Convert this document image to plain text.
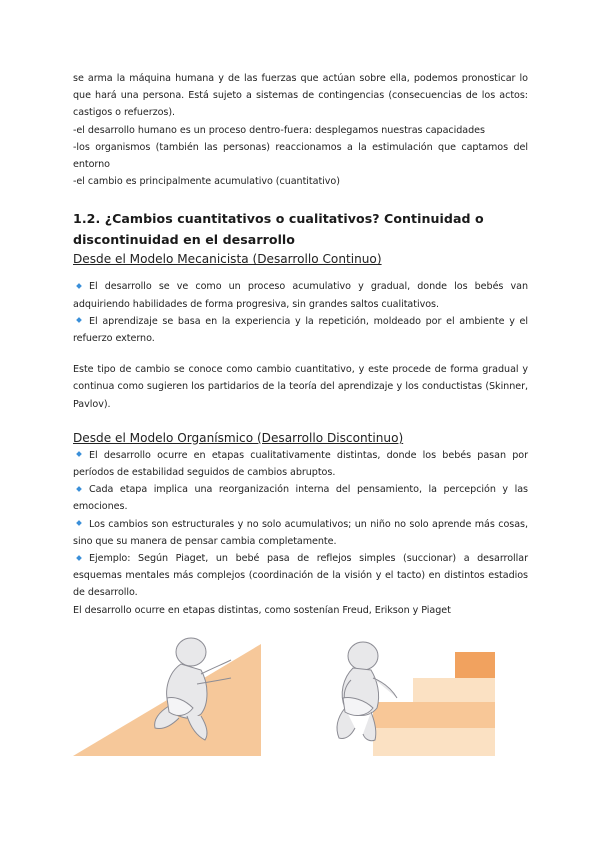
se arma la máquina humana y de las fuerzas que actúan sobre ella, podemos pronosticar lo que hará una persona. Está sujeto a sistemas de contingencias (consecuencias de los actos: castigos o refuerzos).

-el desarrollo humano es un proceso dentro-fuera: desplegamos nuestras capacidades

-los organismos (también las personas) reaccionamos a la estimulación que captamos del entorno

-el cambio es principalmente acumulativo (cuantitativo)

1.2. ¿Cambios cuantitativos o cualitativos? Continuidad o discontinuidad en el desarrollo

Desde el Modelo Mecanicista (Desarrollo Continuo)

El desarrollo se ve como un proceso acumulativo y gradual, donde los bebés van adquiriendo habilidades de forma progresiva, sin grandes saltos cualitativos.

El aprendizaje se basa en la experiencia y la repetición, moldeado por el ambiente y el refuerzo externo.

Este tipo de cambio se conoce como cambio cuantitativo, y este procede de forma gradual y continua como sugieren los partidarios de la teoría del aprendizaje y los conductistas (Skinner, Pavlov).

Desde el Modelo Organísmico (Desarrollo Discontinuo)

El desarrollo ocurre en etapas cualitativamente distintas, donde los bebés pasan por períodos de estabilidad seguidos de cambios abruptos.

Cada etapa implica una reorganización interna del pensamiento, la percepción y las emociones.

Los cambios son estructurales y no solo acumulativos; un niño no solo aprende más cosas, sino que su manera de pensar cambia completamente.

Ejemplo: Según Piaget, un bebé pasa de reflejos simples (succionar) a desarrollar esquemas mentales más complejos (coordinación de la visión y el tacto) en distintos estadios de desarrollo.

El desarrollo ocurre en etapas distintas, como sostenían Freud, Erikson y Piaget
